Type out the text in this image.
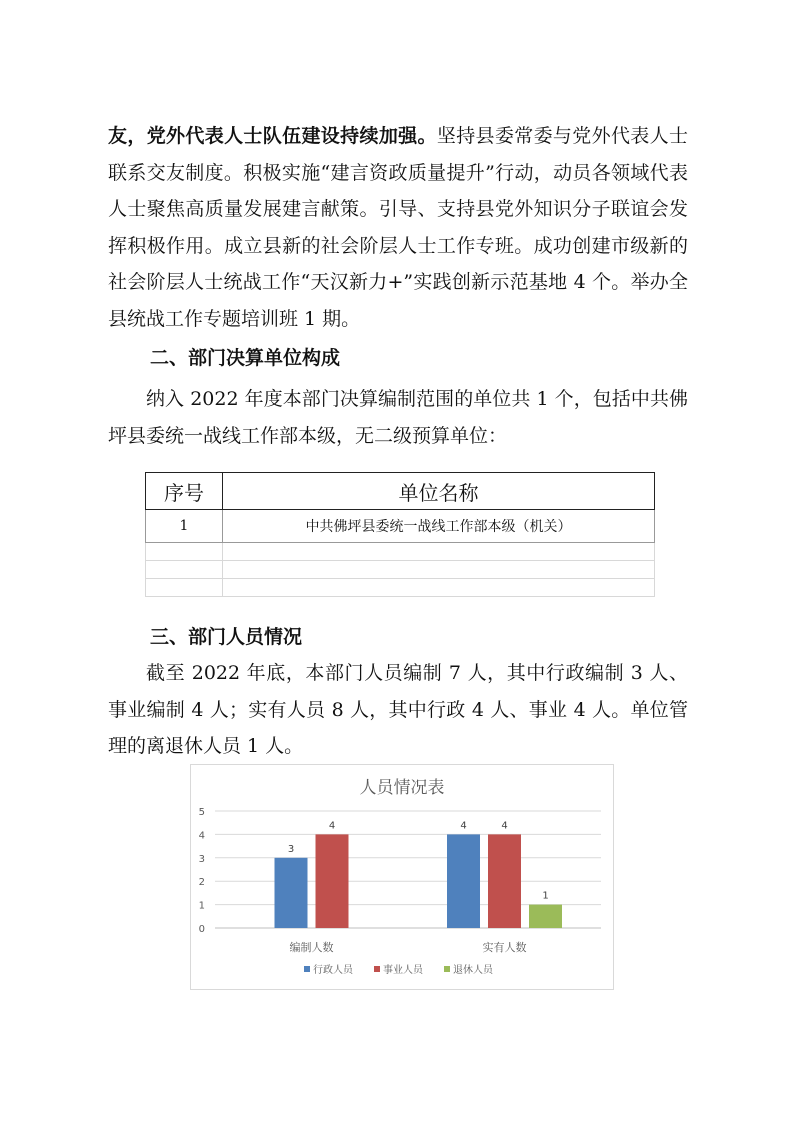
友，党外代表人士队伍建设持续加强。坚持县委常委与党外代表人士联系交友制度。积极实施“建言资政质量提升”行动，动员各领域代表人士聚焦高质量发展建言献策。引导、支持县党外知识分子联谊会发挥积极作用。成立县新的社会阶层人士工作专班。成功创建市级新的社会阶层人士统战工作“天汉新力+”实践创新示范基地 4 个。举办全县统战工作专题培训班 1 期。

二、部门决算单位构成

纳入 2022 年度本部门决算编制范围的单位共 1 个，包括中共佛坪县委统一战线工作部本级，无二级预算单位：

序号	单位名称
1	中共佛坪县委统一战线工作部本级（机关）

三、部门人员情况

截至 2022 年底，本部门人员编制 7 人，其中行政编制 3 人、事业编制 4 人；实有人员 8 人，其中行政 4 人、事业 4 人。单位管理的离退休人员 1 人。

人员情况表
0
1
2
3
4
5
3
4
编制人数
4	4
1
实有人数
行政人员	事业人员	退休人员
